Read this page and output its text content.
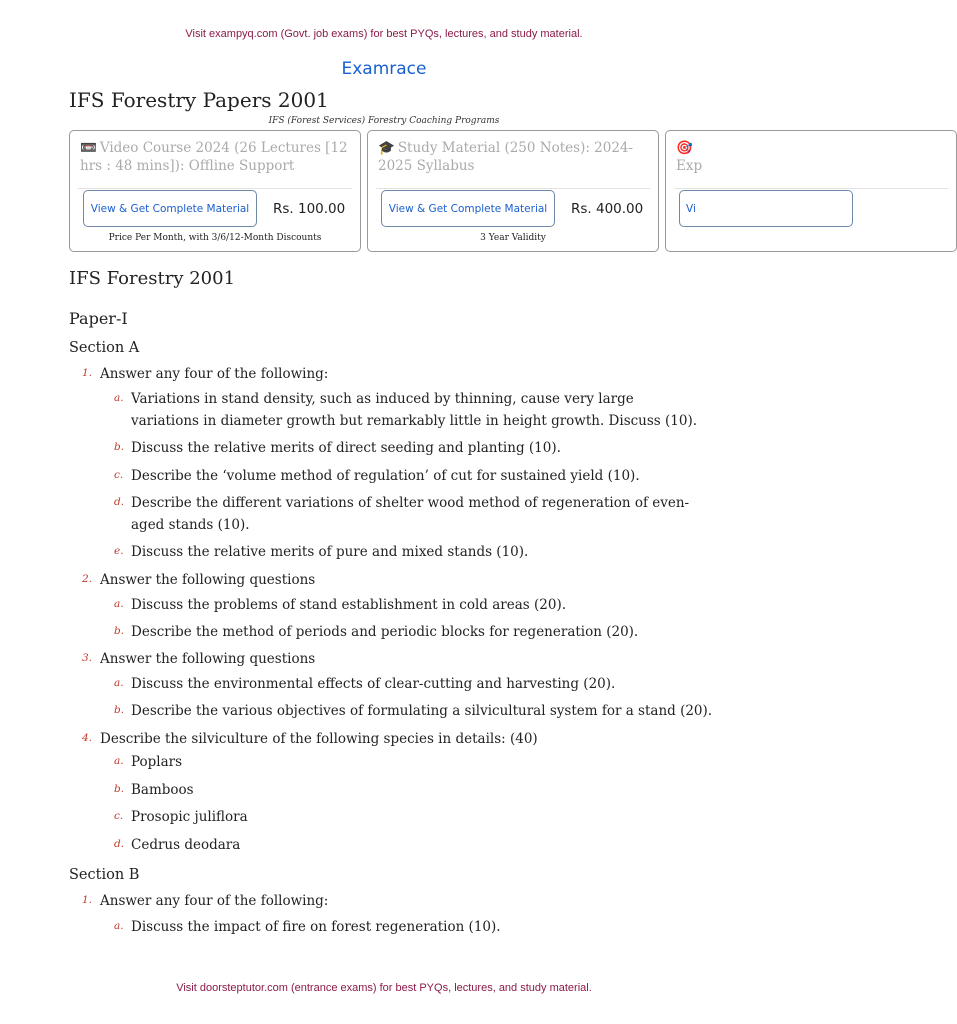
Visit exampyq.com (Govt. job exams) for best PYQs, lectures, and study material.
Examrace
IFS Forestry Papers 2001
IFS (Forest Services) Forestry Coaching Programs
📼 Video Course 2024 (26 Lectures [12 hrs : 48 mins]): Offline Support
View & Get Complete Material	Rs. 100.00
Price Per Month, with 3/6/12-Month Discounts
🎓 Study Material (250 Notes): 2024-2025 Syllabus
View & Get Complete Material	Rs. 400.00
3 Year Validity
🎯
Exp
Vi
IFS Forestry 2001
Paper-I
Section A
1. Answer any four of the following:
a. Variations in stand density, such as induced by thinning, cause very large variations in diameter growth but remarkably little in height growth. Discuss (10).
b. Discuss the relative merits of direct seeding and planting (10).
c. Describe the ‘volume method of regulation’ of cut for sustained yield (10).
d. Describe the different variations of shelter wood method of regeneration of even-aged stands (10).
e. Discuss the relative merits of pure and mixed stands (10).
2. Answer the following questions
a. Discuss the problems of stand establishment in cold areas (20).
b. Describe the method of periods and periodic blocks for regeneration (20).
3. Answer the following questions
a. Discuss the environmental effects of clear-cutting and harvesting (20).
b. Describe the various objectives of formulating a silvicultural system for a stand (20).
4. Describe the silviculture of the following species in details: (40)
a. Poplars
b. Bamboos
c. Prosopic juliflora
d. Cedrus deodara
Section B
1. Answer any four of the following:
a. Discuss the impact of fire on forest regeneration (10).
Visit doorsteptutor.com (entrance exams) for best PYQs, lectures, and study material.
